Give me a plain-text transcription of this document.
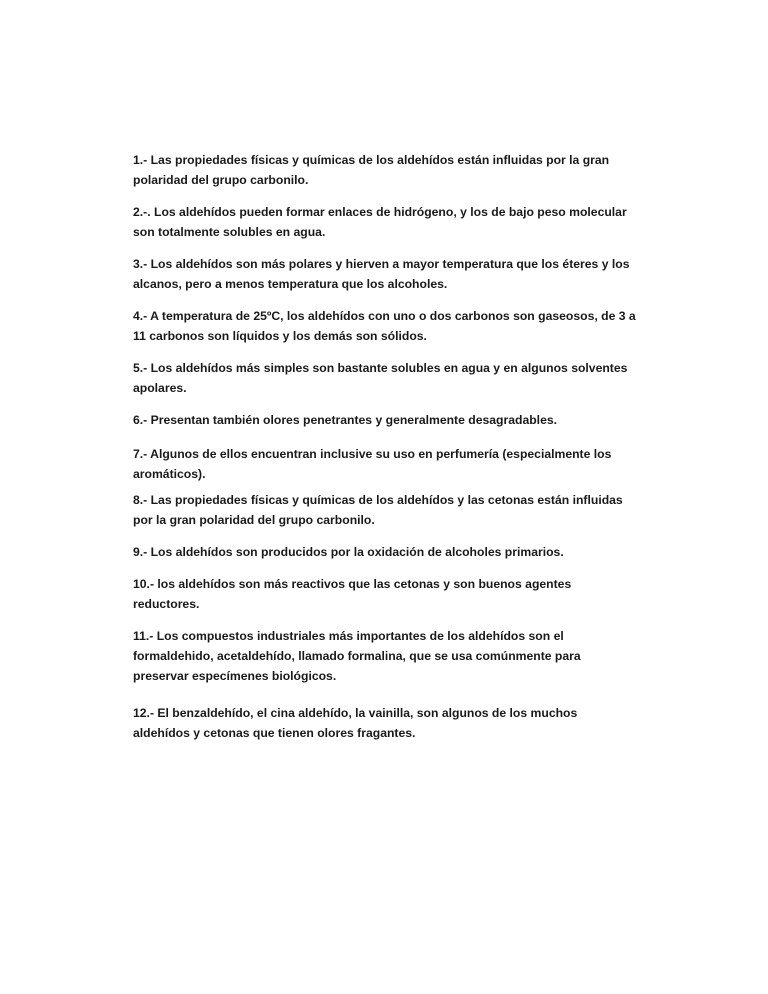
1.- Las propiedades físicas y químicas de los aldehídos están influidas por la gran polaridad del grupo carbonilo.

2.-. Los aldehídos pueden formar enlaces de hidrógeno, y los de bajo peso molecular son totalmente solubles en agua.

3.- Los aldehídos son más polares y hierven a mayor temperatura que los éteres y los alcanos, pero a menos temperatura que los alcoholes.

4.- A temperatura de 25ºC, los aldehídos con uno o dos carbonos son gaseosos, de 3 a 11 carbonos son líquidos y los demás son sólidos.

5.- Los aldehídos más simples son bastante solubles en agua y en algunos solventes apolares.

6.- Presentan también olores penetrantes y generalmente desagradables.

7.- Algunos de ellos encuentran inclusive su uso en perfumería (especialmente los aromáticos).

8.- Las propiedades físicas y químicas de los aldehídos y las cetonas están influidas por la gran polaridad del grupo carbonilo.

9.- Los aldehídos son producidos por la oxidación de alcoholes primarios.

10.- los aldehídos son más reactivos que las cetonas y son buenos agentes reductores.

11.- Los compuestos industriales más importantes de los aldehídos son el formaldehido, acetaldehído, llamado formalina, que se usa comúnmente para preservar especímenes biológicos.

12.- El benzaldehído, el cina aldehído, la vainilla, son algunos de los muchos aldehídos y cetonas que tienen olores fragantes.
